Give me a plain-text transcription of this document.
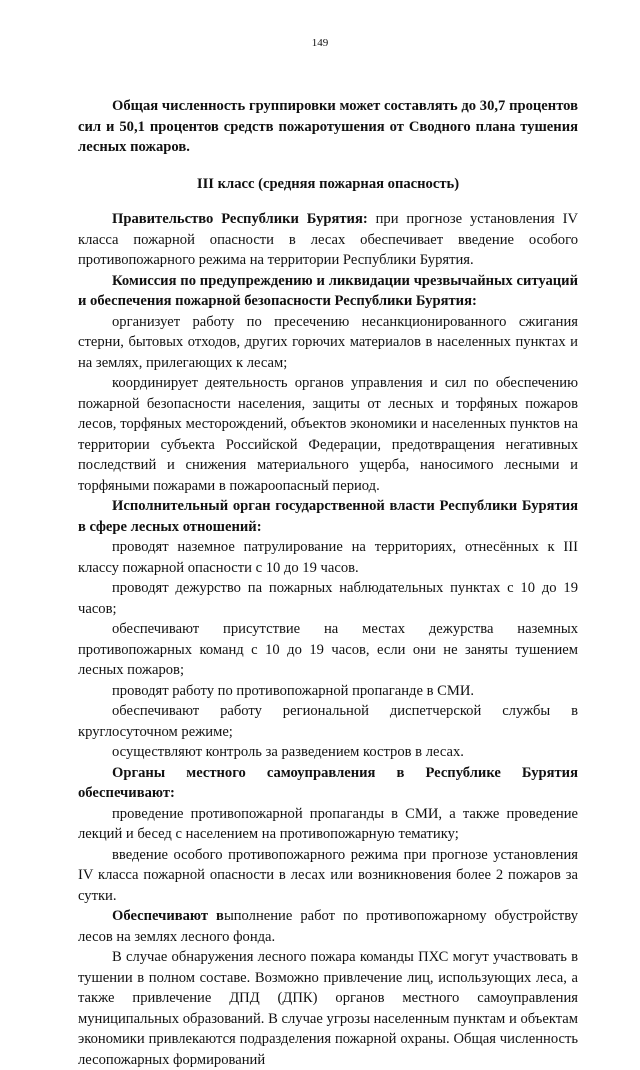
149

Общая численность группировки может составлять до 30,7 процентов сил и 50,1 процентов средств пожаротушения от Сводного плана тушения лесных пожаров.

III класс (средняя пожарная опасность)

Правительство Республики Бурятия: при прогнозе установления IV класса пожарной опасности в лесах обеспечивает введение особого противопожарного режима на территории Республики Бурятия.

Комиссия по предупреждению и ликвидации чрезвычайных ситуаций и обеспечения пожарной безопасности Республики Бурятия:

организует работу по пресечению несанкционированного сжигания стерни, бытовых отходов, других горючих материалов в населенных пунктах и на землях, прилегающих к лесам;

координирует деятельность органов управления и сил по обеспечению пожарной безопасности населения, защиты от лесных и торфяных пожаров лесов, торфяных месторождений, объектов экономики и населенных пунктов на территории субъекта Российской Федерации, предотвращения негативных последствий и снижения материального ущерба, наносимого лесными и торфяными пожарами в пожароопасный период.

Исполнительный орган государственной власти Республики Бурятия в сфере лесных отношений:

проводят наземное патрулирование на территориях, отнесённых к III классу пожарной опасности с 10 до 19 часов.

проводят дежурство па пожарных наблюдательных пунктах с 10 до 19 часов;

обеспечивают присутствие на местах дежурства наземных противопожарных команд с 10 до 19 часов, если они не заняты тушением лесных пожаров;

проводят работу по противопожарной пропаганде в СМИ.

обеспечивают работу региональной диспетчерской службы в круглосуточном режиме;

осуществляют контроль за разведением костров в лесах.

Органы местного самоуправления в Республике Бурятия обеспечивают:

проведение противопожарной пропаганды в СМИ, а также проведение лекций и бесед с населением на противопожарную тематику;

введение особого противопожарного режима при прогнозе установления IV класса пожарной опасности в лесах или возникновения более 2 пожаров за сутки.

Обеспечивают выполнение работ по противопожарному обустройству лесов на землях лесного фонда.

В случае обнаружения лесного пожара команды ПХС могут участвовать в тушении в полном составе. Возможно привлечение лиц, использующих леса, а также привлечение ДПД (ДПК) органов местного самоуправления муниципальных образований. В случае угрозы населенным пунктам и объектам экономики привлекаются подразделения пожарной охраны. Общая численность лесопожарных формирований
